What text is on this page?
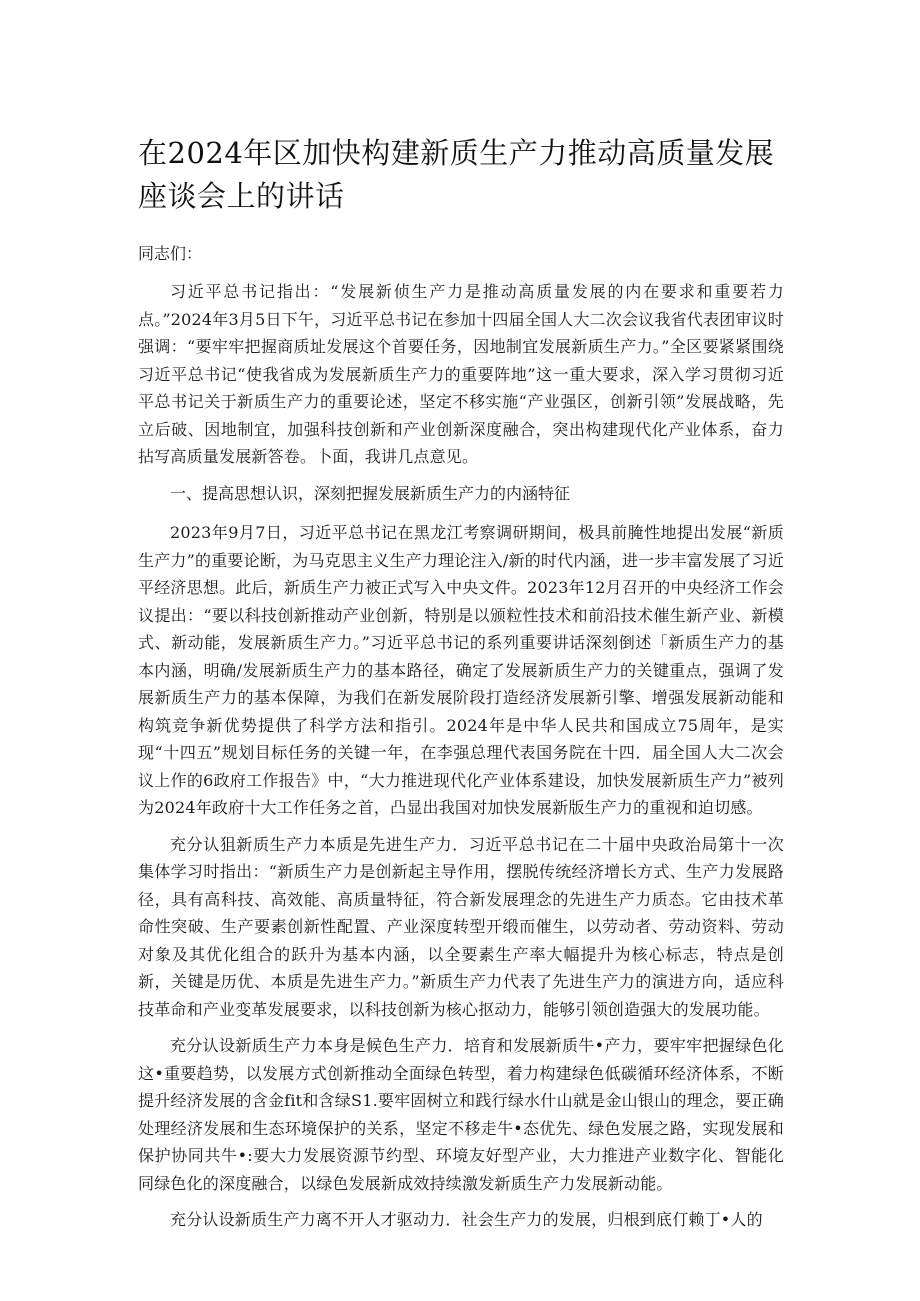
在2024年区加快构建新质生产力推动高质量发展座谈会上的讲话

同志们：

习近平总书记指出：“发展新侦生产力是推动高质量发展的内在要求和重要若力点。”2024年3月5日下午，习近平总书记在参加十四届全国人大二次会议我省代表团审议时强调：“要牢牢把握商质址发展这个首要任务，因地制宜发展新质生产力。”全区要紧紧围绕习近平总书记“使我省成为发展新质生产力的重要阵地”这一重大要求，深入学习贯彻习近平总书记关于新质生产力的重要论述，坚定不移实施“产业强区，创新引领”发展战略，先立后破、因地制宜，加强科技创新和产业创新深度融合，突出构建现代化产业体系，奋力拈写高质量发展新答卷。卜面，我讲几点意见。

一、提高思想认识，深刻把握发展新质生产力的内涵特征

2023年9月7日，习近平总书记在黑龙江考察调研期间，极具前腌性地提出发展“新质生产力”的重要论断，为马克思主义生产力理论注入/新的时代内涵，进一步丰富发展了习近平经济思想。此后，新质生产力被正式写入中央文件。2023年12月召开的中央经济工作会议提出：“要以科技创新推动产业创新，特别是以颁粒性技术和前沿技术催生新产业、新模式、新动能，发展新质生产力。”习近平总书记的系列重要讲话深刻倒述「新质生产力的基本内涵，明确/发展新质生产力的基本路径，确定了发展新质生产力的关键重点，强调了发展新质生产力的基本保障，为我们在新发展阶段打造经济发展新引擎、增强发展新动能和构筑竞争新优势提供了科学方法和指引。2024年是中华人民共和国成立75周年，是实现“十四五”规划目标任务的关键一年，在李强总理代表国务院在十四．届全国人大二次会议上作的6政府工作报告》中，“大力推进现代化产业体系建设，加快发展新质生产力”被列为2024年政府十大工作任务之首，凸显出我国对加快发展新版生产力的重视和迫切感。

充分认狙新质生产力本质是先进生产力．习近平总书记在二十届中央政治局第十一次集体学习时指出：“新质生产力是创新起主导作用，摆脱传统经济增长方式、生产力发展路径，具有高科技、高效能、高质量特征，符合新发展理念的先进生产力质态。它由技术革命性突破、生产要素创新性配置、产业深度转型开缎而催生，以劳动者、劳动资料、劳动对象及其优化组合的跃升为基本内涵，以全要素生产率大幅提升为核心标志，特点是创新，关键是历优、本质是先进生产力。”新质生产力代表了先进生产力的演进方向，适应科技革命和产业变革发展要求，以科技创新为核心抠动力，能够引领创造强大的发展功能。

充分认设新质生产力本身是候色生产力．培育和发展新质牛•产力，要牢牢把握绿色化这•重要趋势，以发展方式创新推动全面绿色转型，着力构建绿色低碳循环经济体系，不断提升经济发展的含金fit和含绿S1.要牢固树立和践行绿水什山就是金山银山的理念，要正确处理经济发展和生态环境保护的关系，坚定不移走牛•态优先、绿色发展之路，实现发展和保护协同共牛•:要大力发展资源节约型、环境友好型产业，大力推进产业数字化、智能化同绿色化的深度融合，以绿色发展新成效持续激发新质生产力发展新动能。

充分认设新质生产力离不开人才驱动力．社会生产力的发展，归根到底仃赖丁•人的
